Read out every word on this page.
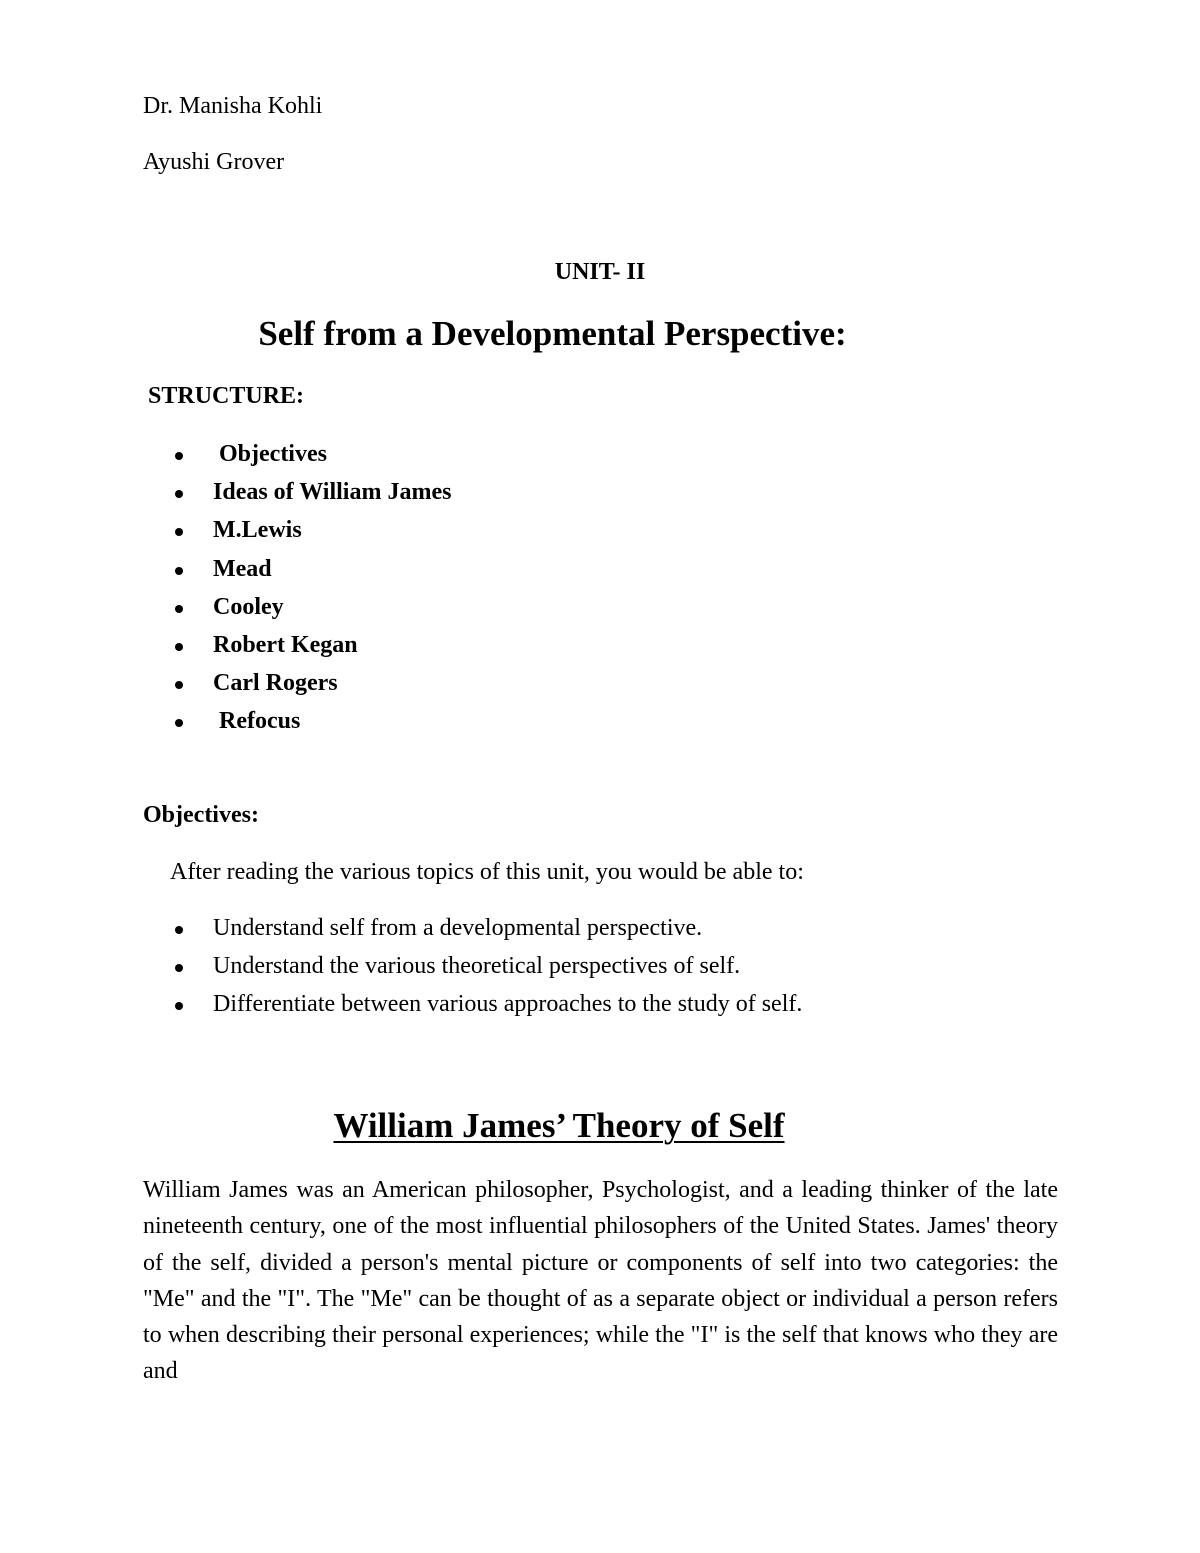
Dr. Manisha Kohli
Ayushi Grover
UNIT- II
Self from a Developmental Perspective:
STRUCTURE:
Objectives
Ideas of William James
M.Lewis
Mead
Cooley
Robert Kegan
Carl Rogers
Refocus
Objectives:
After reading the various topics of this unit, you would be able to:
Understand self from a developmental perspective.
Understand the various theoretical perspectives of self.
Differentiate between various approaches to the study of self.
William James’ Theory of Self
William James was an American philosopher, Psychologist, and a leading thinker of the late nineteenth century, one of the most influential philosophers of the United States. James' theory of the self, divided a person's mental picture or components of self into two categories: the "Me" and the "I". The "Me" can be thought of as a separate object or individual a person refers to when describing their personal experiences; while the "I" is the self that knows who they are and
